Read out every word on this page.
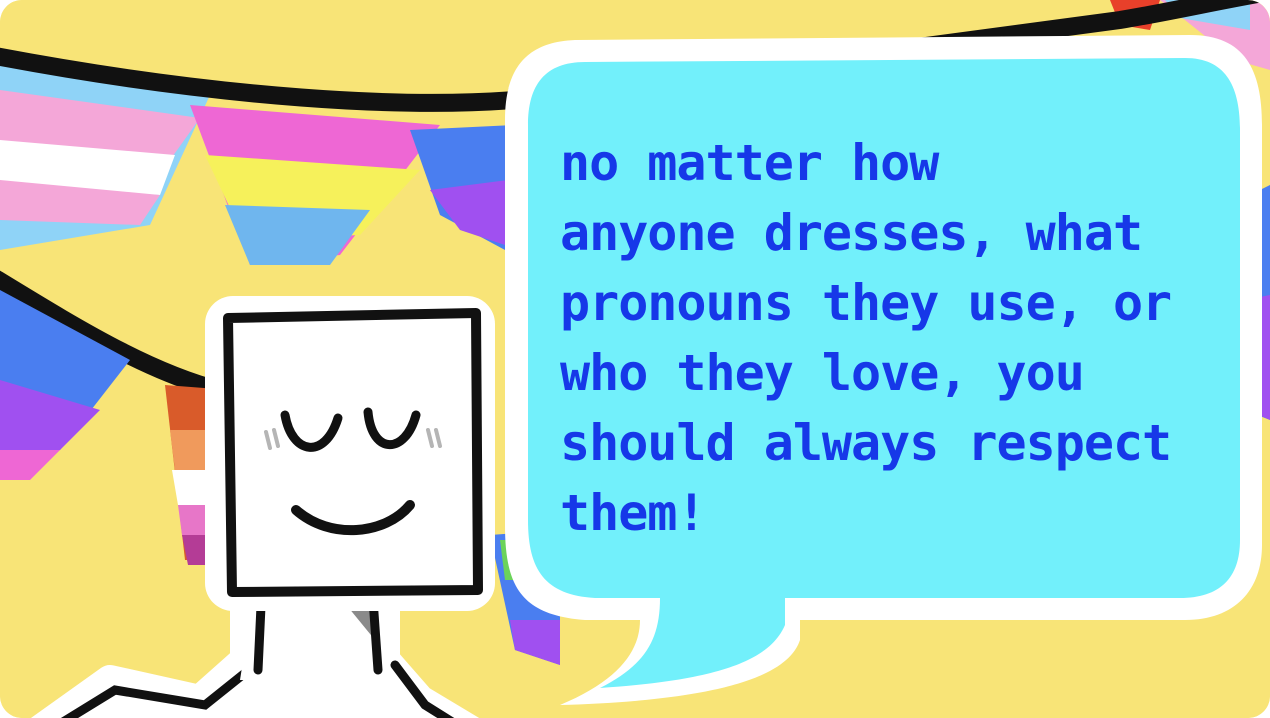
no matter how
anyone dresses, what
pronouns they use, or
who they love, you
should always respect
them!
